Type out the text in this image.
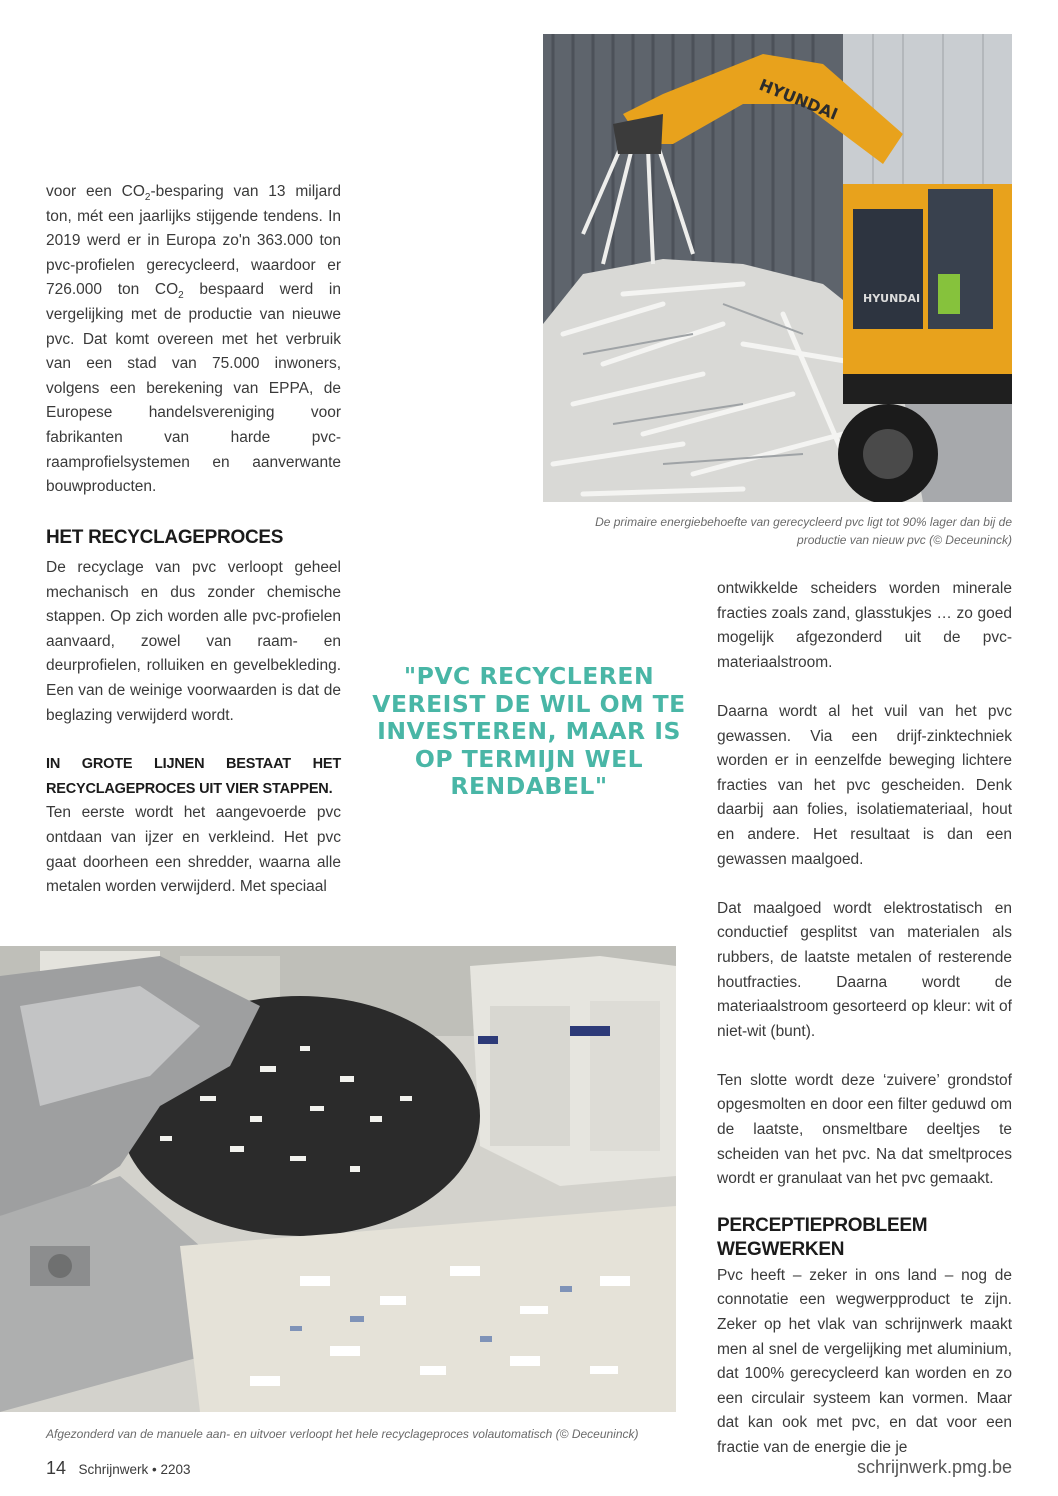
voor een $CO_2$-besparing van 13 miljard ton, mét een jaarlijks stijgende tendens. In 2019 werd er in Europa zo'n 363.000 ton pvc-profielen gerecycleerd, waardoor er 726.000 ton $CO_2$ bespaard werd in vergelijking met de productie van nieuwe pvc. Dat komt overeen met het verbruik van een stad van 75.000 inwoners, volgens een berekening van EPPA, de Europese handelsvereniging voor fabrikanten van harde pvc-raamprofielsystemen en aanverwante bouwproducten.

HET RECYCLAGEPROCES

De recyclage van pvc verloopt geheel mechanisch en dus zonder chemische stappen. Op zich worden alle pvc-profielen aanvaard, zowel van raam- en deurprofielen, rolluiken en gevelbekleding. Een van de weinige voorwaarden is dat de beglazing verwijderd wordt.

IN GROTE LIJNEN BESTAAT HET RECYCLAGEPROCES UIT VIER STAPPEN.

Ten eerste wordt het aangevoerde pvc ontdaan van ijzer en verkleind. Het pvc gaat doorheen een shredder, waarna alle metalen worden verwijderd. Met speciaal

HYUNDAI
HYUNDAI
De primaire energiebehoefte van gerecycleerd pvc ligt tot 90% lager dan bij de productie van nieuw pvc (© Deceuninck)
"PVC RECYCLEREN VEREIST DE WIL OM TE INVESTEREN, MAAR IS OP TERMIJN WEL RENDABEL"

ontwikkelde scheiders worden minerale fracties zoals zand, glasstukjes … zo goed mogelijk afgezonderd uit de pvc-materiaalstroom.

Daarna wordt al het vuil van het pvc gewassen. Via een drijf-zinktechniek worden er in eenzelfde beweging lichtere fracties van het pvc gescheiden. Denk daarbij aan folies, isolatiemateriaal, hout en andere. Het resultaat is dan een gewassen maalgoed.

Dat maalgoed wordt elektrostatisch en conductief gesplitst van materialen als rubbers, de laatste metalen of resterende houtfracties. Daarna wordt de materiaalstroom gesorteerd op kleur: wit of niet-wit (bunt).

Ten slotte wordt deze ‘zuivere’ grondstof opgesmolten en door een filter geduwd om de laatste, onsmeltbare deeltjes te scheiden van het pvc. Na dat smeltproces wordt er granulaat van het pvc gemaakt.

PERCEPTIEPROBLEEM WEGWERKEN

Pvc heeft – zeker in ons land – nog de connotatie een wegwerpproduct te zijn. Zeker op het vlak van schrijnwerk maakt men al snel de vergelijking met aluminium, dat 100% gerecycleerd kan worden en zo een circulair systeem kan vormen. Maar dat kan ook met pvc, en dat voor een fractie van de energie die je

Afgezonderd van de manuele aan- en uitvoer verloopt het hele recyclageproces volautomatisch (© Deceuninck)
14 Schrijnwerk • 2203	schrijnwerk.pmg.be
